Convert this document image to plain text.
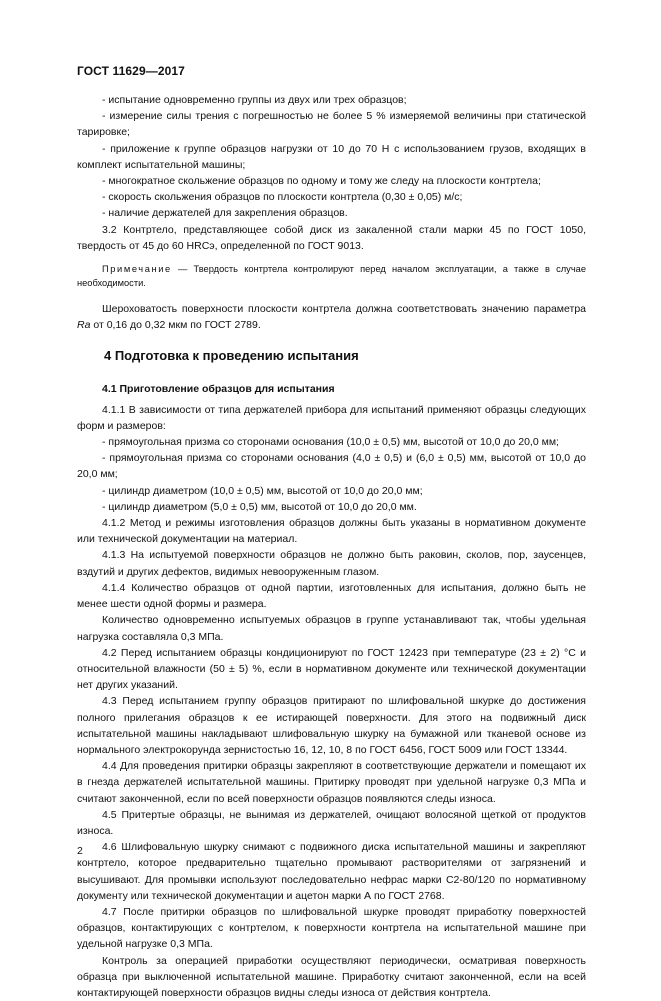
ГОСТ 11629—2017

- испытание одновременно группы из двух или трех образцов;

- измерение силы трения с погрешностью не более 5 % измеряемой величины при статической тарировке;

- приложение к группе образцов нагрузки от 10 до 70 Н с использованием грузов, входящих в комплект испытательной машины;

- многократное скольжение образцов по одному и тому же следу на плоскости контртела;

- скорость скольжения образцов по плоскости контртела (0,30 ± 0,05) м/с;

- наличие держателей для закрепления образцов.

3.2 Контртело, представляющее собой диск из закаленной стали марки 45 по ГОСТ 1050, твердость от 45 до 60 HRCэ, определенной по ГОСТ 9013.

Примечание — Твердость контртела контролируют перед началом эксплуатации, а также в случае необходимости.

Шероховатость поверхности плоскости контртела должна соответствовать значению параметра Ra от 0,16 до 0,32 мкм по ГОСТ 2789.

4 Подготовка к проведению испытания

4.1 Приготовление образцов для испытания

4.1.1 В зависимости от типа держателей прибора для испытаний применяют образцы следующих форм и размеров:

- прямоугольная призма со сторонами основания (10,0 ± 0,5) мм, высотой от 10,0 до 20,0 мм;

- прямоугольная призма со сторонами основания (4,0 ± 0,5) и (6,0 ± 0,5) мм, высотой от 10,0 до 20,0 мм;

- цилиндр диаметром (10,0 ± 0,5) мм, высотой от 10,0 до 20,0 мм;

- цилиндр диаметром (5,0 ± 0,5) мм, высотой от 10,0 до 20,0 мм.

4.1.2 Метод и режимы изготовления образцов должны быть указаны в нормативном документе или технической документации на материал.

4.1.3 На испытуемой поверхности образцов не должно быть раковин, сколов, пор, заусенцев, вздутий и других дефектов, видимых невооруженным глазом.

4.1.4 Количество образцов от одной партии, изготовленных для испытания, должно быть не менее шести одной формы и размера.

Количество одновременно испытуемых образцов в группе устанавливают так, чтобы удельная нагрузка составляла 0,3 МПа.

4.2 Перед испытанием образцы кондиционируют по ГОСТ 12423 при температуре (23 ± 2) °С и относительной влажности (50 ± 5) %, если в нормативном документе или технической документации нет других указаний.

4.3 Перед испытанием группу образцов притирают по шлифовальной шкурке до достижения полного прилегания образцов к ее истирающей поверхности. Для этого на подвижный диск испытательной машины накладывают шлифовальную шкурку на бумажной или тканевой основе из нормального электрокорунда зернистостью 16, 12, 10, 8 по ГОСТ 6456, ГОСТ 5009 или ГОСТ 13344.

4.4 Для проведения притирки образцы закрепляют в соответствующие держатели и помещают их в гнезда держателей испытательной машины. Притирку проводят при удельной нагрузке 0,3 МПа и считают законченной, если по всей поверхности образцов появляются следы износа.

4.5 Притертые образцы, не вынимая из держателей, очищают волосяной щеткой от продуктов износа.

4.6 Шлифовальную шкурку снимают с подвижного диска испытательной машины и закрепляют контртело, которое предварительно тщательно промывают растворителями от загрязнений и высушивают. Для промывки используют последовательно нефрас марки С2-80/120 по нормативному документу или технической документации и ацетон марки А по ГОСТ 2768.

4.7 После притирки образцов по шлифовальной шкурке проводят приработку поверхностей образцов, контактирующих с контртелом, к поверхности контртела на испытательной машине при удельной нагрузке 0,3 МПа.

Контроль за операцией приработки осуществляют периодически, осматривая поверхность образца при выключенной испытательной машине. Приработку считают законченной, если на всей контактирующей поверхности образцов видны следы износа от действия контртела.

2
